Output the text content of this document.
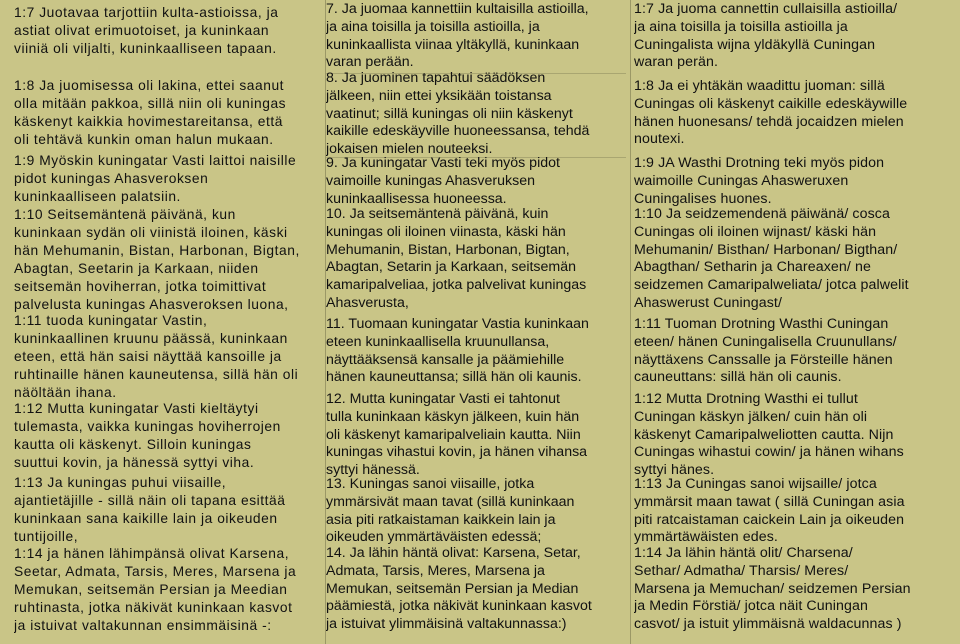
1:7 Juotavaa tarjottiin kulta-astioissa, ja
astiat olivat erimuotoiset, ja kuninkaan
viiniä oli viljalti, kuninkaalliseen tapaan.
1:8 Ja juomisessa oli lakina, ettei saanut
olla mitään pakkoa, sillä niin oli kuningas
käskenyt kaikkia hovimestareitansa, että
oli tehtävä kunkin oman halun mukaan.
1:9 Myöskin kuningatar Vasti laittoi naisille
pidot kuningas Ahasveroksen
kuninkaalliseen palatsiin.
1:10 Seitsemäntenä päivänä, kun
kuninkaan sydän oli viinistä iloinen, käski
hän Mehumanin, Bistan, Harbonan, Bigtan,
Abagtan, Seetarin ja Karkaan, niiden
seitsemän hoviherran, jotka toimittivat
palvelusta kuningas Ahasveroksen luona,
1:11 tuoda kuningatar Vastin,
kuninkaallinen kruunu päässä, kuninkaan
eteen, että hän saisi näyttää kansoille ja
ruhtinaille hänen kauneutensa, sillä hän oli
näöltään ihana.
1:12 Mutta kuningatar Vasti kieltäytyi
tulemasta, vaikka kuningas hoviherrojen
kautta oli käskenyt. Silloin kuningas
suuttui kovin, ja hänessä syttyi viha.
1:13 Ja kuningas puhui viisaille,
ajantietäjille - sillä näin oli tapana esittää
kuninkaan sana kaikille lain ja oikeuden
tuntijoille,
1:14 ja hänen lähimpänsä olivat Karsena,
Seetar, Admata, Tarsis, Meres, Marsena ja
Memukan, seitsemän Persian ja Meedian
ruhtinasta, jotka näkivät kuninkaan kasvot
ja istuivat valtakunnan ensimmäisinä -:
7. Ja juomaa kannettiin kultaisilla astioilla,
ja aina toisilla ja toisilla astioilla, ja
kuninkaallista viinaa yltäkyllä, kuninkaan
varan perään.
8. Ja juominen tapahtui säädöksen
jälkeen, niin ettei yksikään toistansa
vaatinut; sillä kuningas oli niin käskenyt
kaikille edeskäyville huoneessansa, tehdä
jokaisen mielen nouteeksi.
9. Ja kuningatar Vasti teki myös pidot
vaimoille kuningas Ahasveruksen
kuninkaallisessa huoneessa.
10. Ja seitsemäntenä päivänä, kuin
kuningas oli iloinen viinasta, käski hän
Mehumanin, Bistan, Harbonan, Bigtan,
Abagtan, Setarin ja Karkaan, seitsemän
kamaripalveliaa, jotka palvelivat kuningas
Ahasverusta,
11. Tuomaan kuningatar Vastia kuninkaan
eteen kuninkaallisella kruunullansa,
näyttääksensä kansalle ja päämiehille
hänen kauneuttansa; sillä hän oli kaunis.
12. Mutta kuningatar Vasti ei tahtonut
tulla kuninkaan käskyn jälkeen, kuin hän
oli käskenyt kamaripalveliain kautta. Niin
kuningas vihastui kovin, ja hänen vihansa
syttyi hänessä.
13. Kuningas sanoi viisaille, jotka
ymmärsivät maan tavat (sillä kuninkaan
asia piti ratkaistaman kaikkein lain ja
oikeuden ymmärtäväisten edessä;
14. Ja lähin häntä olivat: Karsena, Setar,
Admata, Tarsis, Meres, Marsena ja
Memukan, seitsemän Persian ja Median
päämiestä, jotka näkivät kuninkaan kasvot
ja istuivat ylimmäisinä valtakunnassa:)
1:7 Ja juoma cannettin cullaisilla astioilla/
ja aina toisilla ja toisilla astioilla ja
Cuningalista wijna yldäkyllä Cuningan
waran perän.
1:8 Ja ei yhtäkän waadittu juoman: sillä
Cuningas oli käskenyt caikille edeskäywille
hänen huonesans/ tehdä jocaidzen mielen
noutexi.
1:9 JA Wasthi Drotning teki myös pidon
waimoille Cuningas Ahasweruxen
Cuningalises huones.
1:10 Ja seidzemendenä päiwänä/ cosca
Cuningas oli iloinen wijnast/ käski hän
Mehumanin/ Bisthan/ Harbonan/ Bigthan/
Abagthan/ Setharin ja Chareaxen/ ne
seidzemen Camaripalweliata/ jotca palwelit
Ahaswerust Cuningast/
1:11 Tuoman Drotning Wasthi Cuningan
eteen/ hänen Cuningalisella Cruunullans/
näyttäxens Canssalle ja Försteille hänen
cauneuttans: sillä hän oli caunis.
1:12 Mutta Drotning Wasthi ei tullut
Cuningan käskyn jälken/ cuin hän oli
käskenyt Camaripalweliotten cautta. Nijn
Cuningas wihastui cowin/ ja hänen wihans
syttyi hänes.
1:13 Ja Cuningas sanoi wijsaille/ jotca
ymmärsit maan tawat ( sillä Cuningan asia
piti ratcaistaman caickein Lain ja oikeuden
ymmärtäwäisten edes.
1:14 Ja lähin häntä olit/ Charsena/
Sethar/ Admatha/ Tharsis/ Meres/
Marsena ja Memuchan/ seidzemen Persian
ja Medin Förstiä/ jotca näit Cuningan
casvot/ ja istuit ylimmäisnä waldacunnas )
